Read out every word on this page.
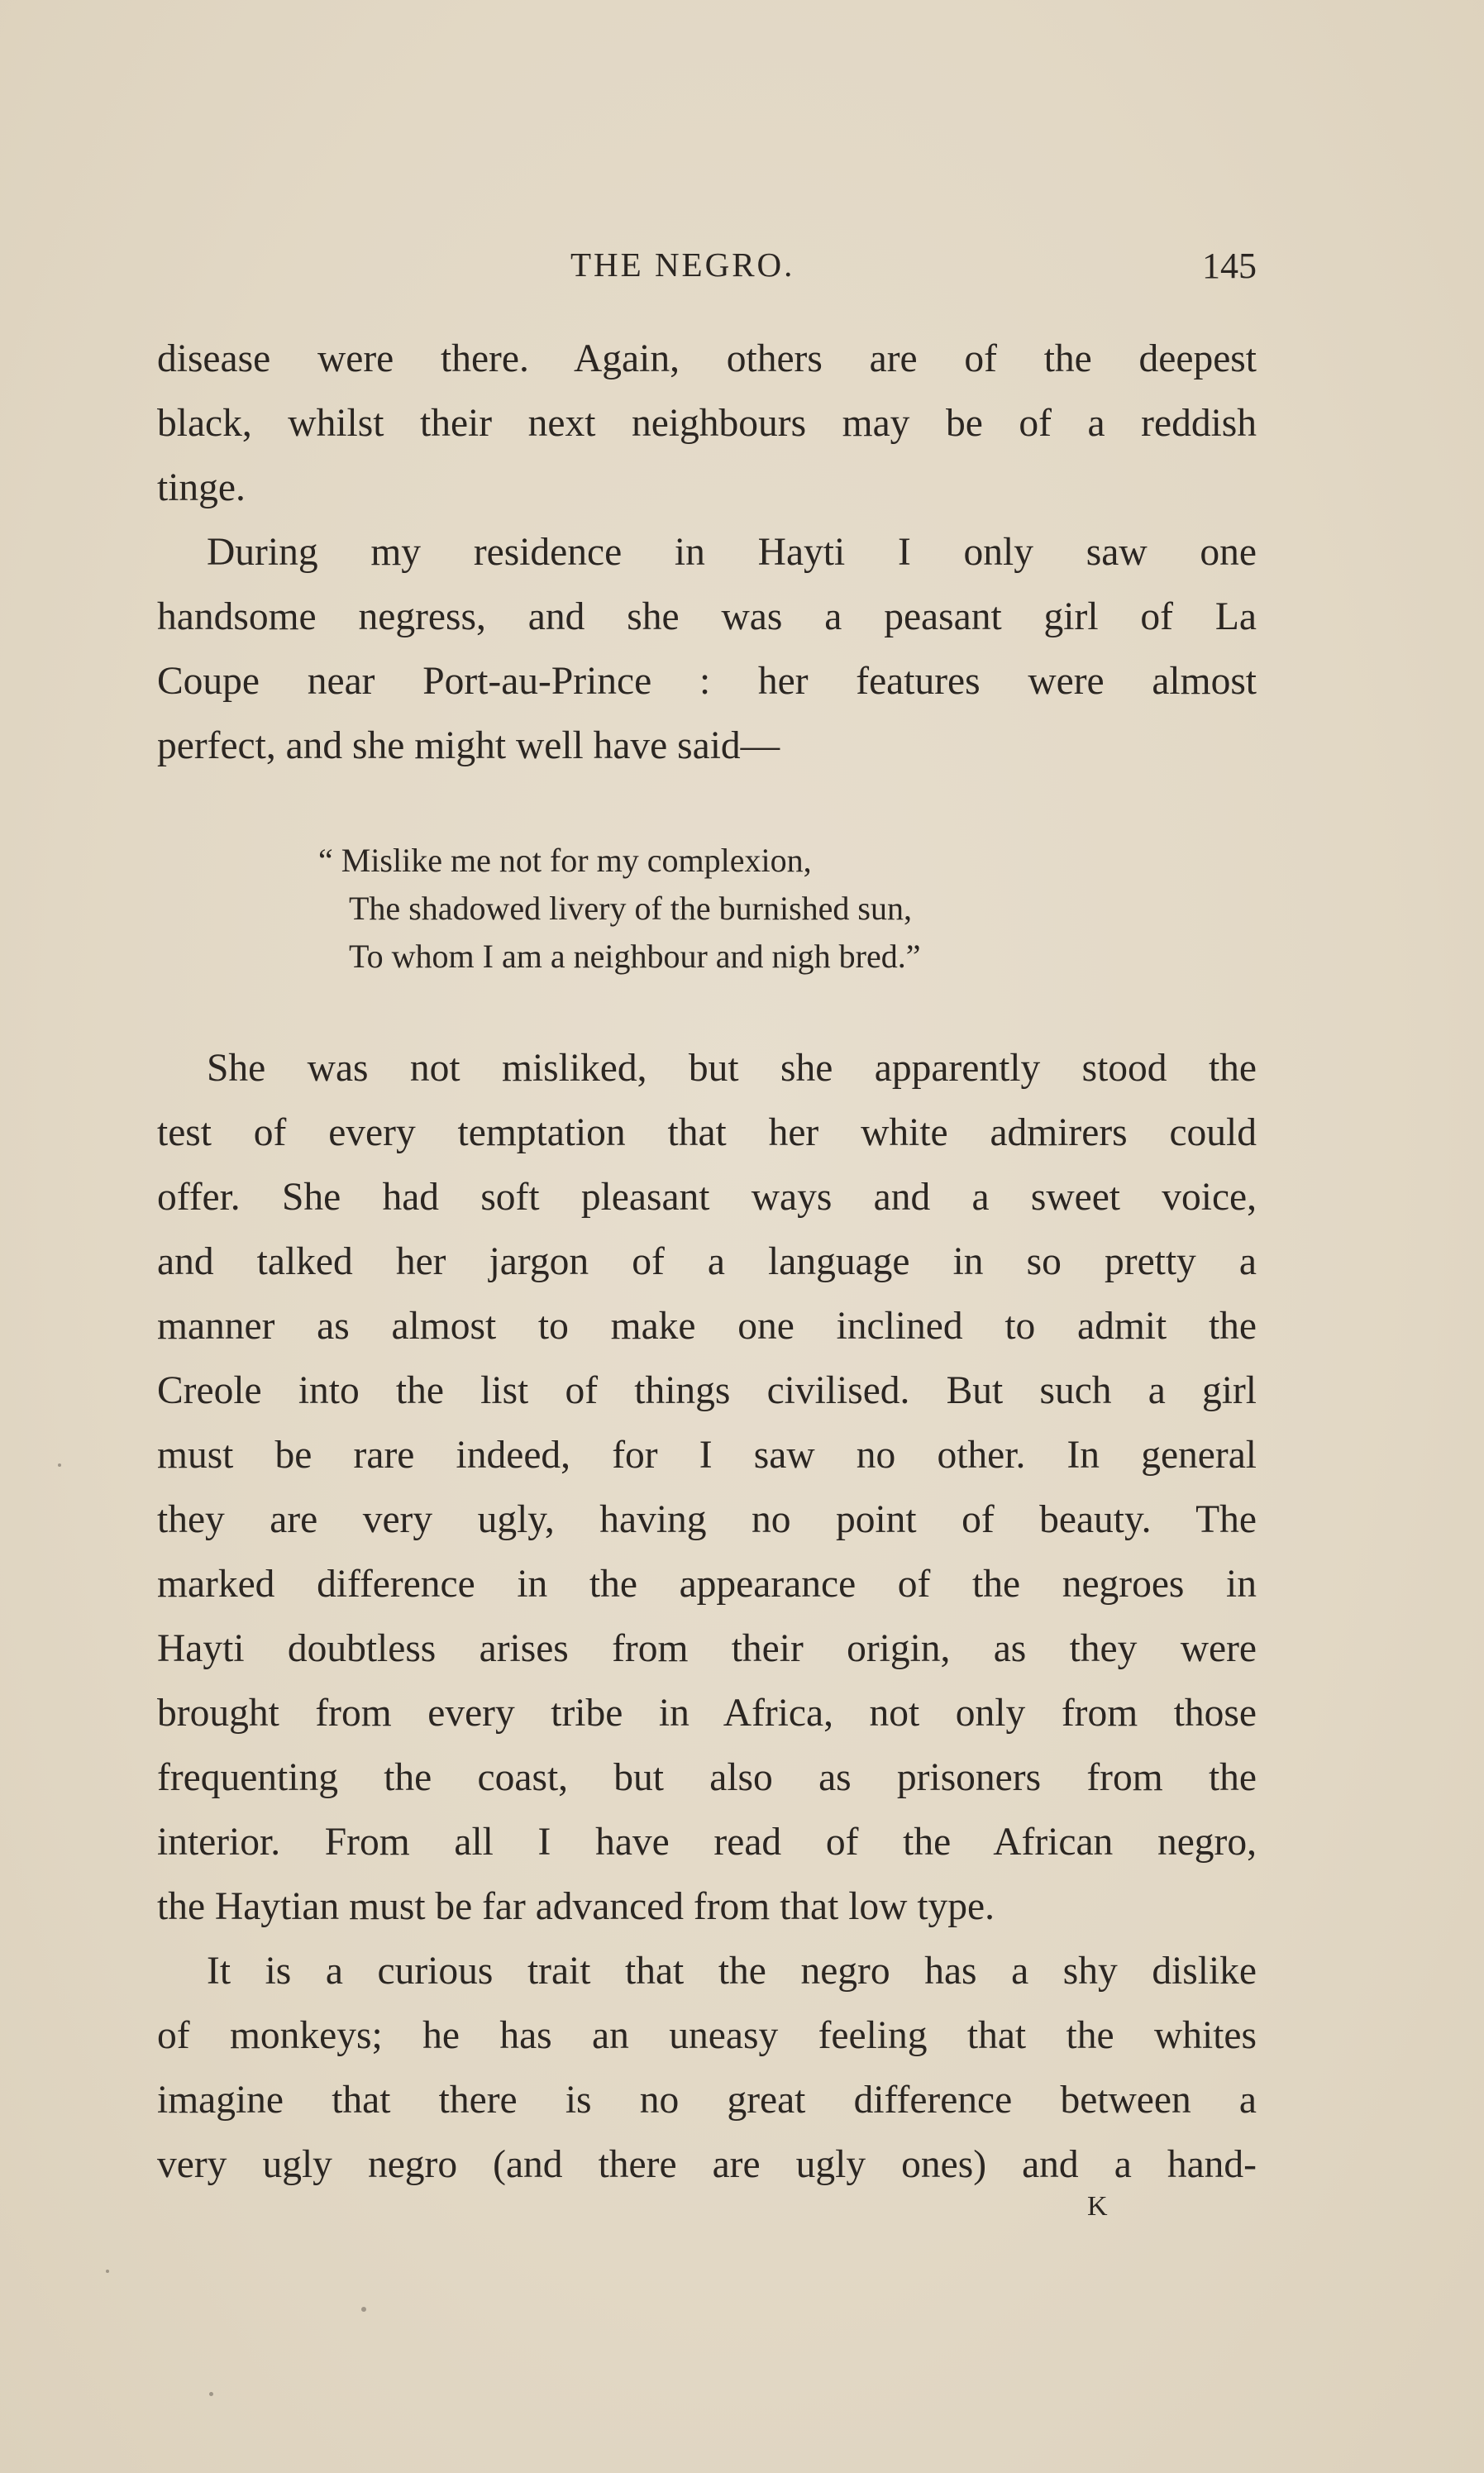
THE NEGRO.	145
disease were there. Again, others are of the deepest
black, whilst their next neighbours may be of a reddish
tinge.
During my residence in Hayti I only saw one
handsome negress, and she was a peasant girl of La
Coupe near Port-au-Prince : her features were almost
perfect, and she might well have said—
“ Mislike me not for my complexion,
The shadowed livery of the burnished sun,
To whom I am a neighbour and nigh bred.”
She was not misliked, but she apparently stood the
test of every temptation that her white admirers could
offer. She had soft pleasant ways and a sweet voice,
and talked her jargon of a language in so pretty a
manner as almost to make one inclined to admit the
Creole into the list of things civilised. But such a girl
must be rare indeed, for I saw no other. In general
they are very ugly, having no point of beauty. The
marked difference in the appearance of the negroes in
Hayti doubtless arises from their origin, as they were
brought from every tribe in Africa, not only from those
frequenting the coast, but also as prisoners from the
interior. From all I have read of the African negro,
the Haytian must be far advanced from that low type.
It is a curious trait that the negro has a shy dislike
of monkeys; he has an uneasy feeling that the whites
imagine that there is no great difference between a
very ugly negro (and there are ugly ones) and a hand-
K
